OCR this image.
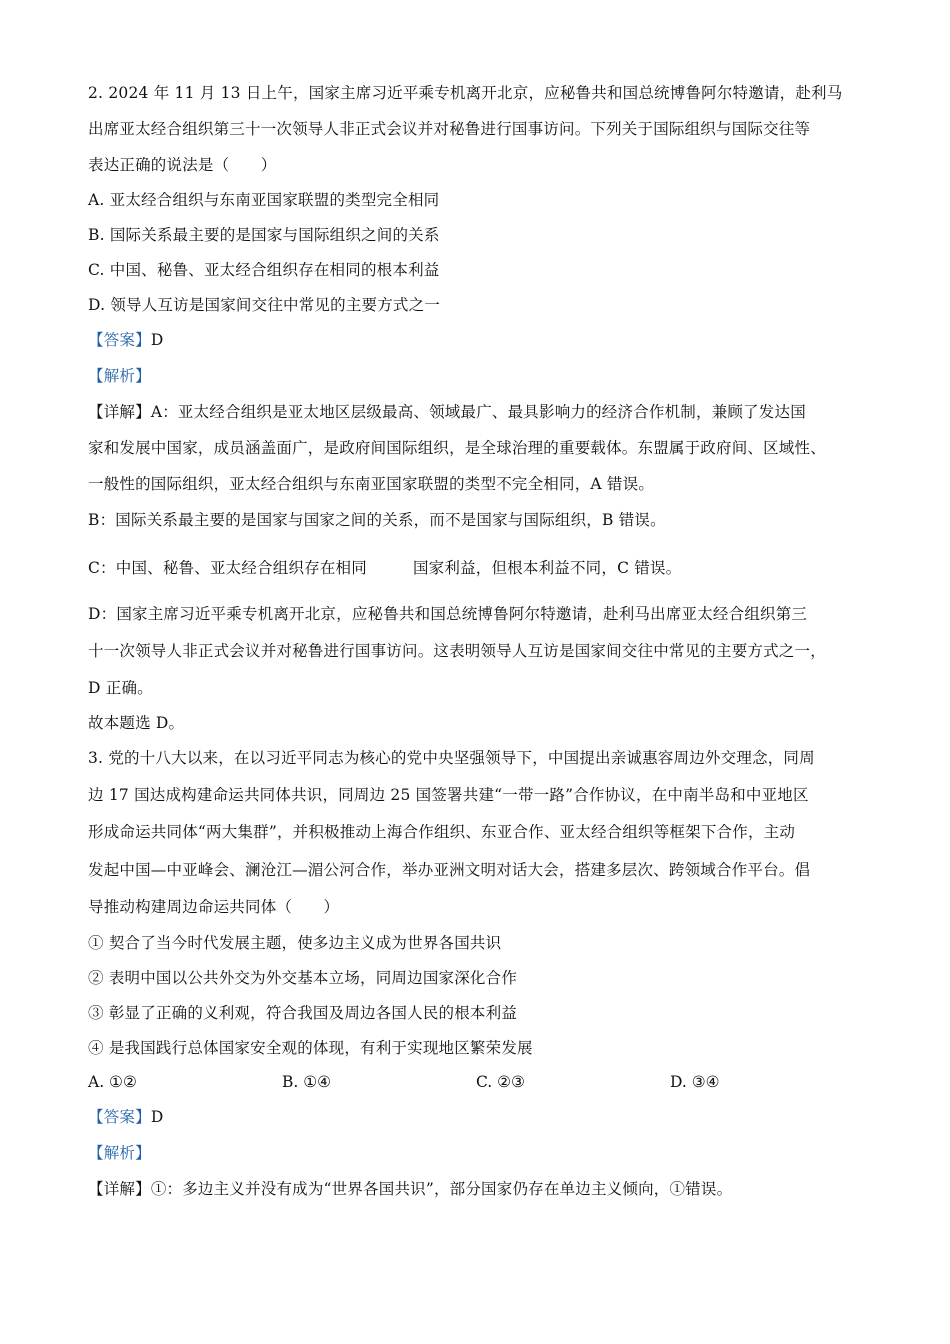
2. 2024 年 11 月 13 日上午，国家主席习近平乘专机离开北京，应秘鲁共和国总统博鲁阿尔特邀请，赴利马
出席亚太经合组织第三十一次领导人非正式会议并对秘鲁进行国事访问。下列关于国际组织与国际交往等
表达正确的说法是（　　）
A. 亚太经合组织与东南亚国家联盟的类型完全相同
B. 国际关系最主要的是国家与国际组织之间的关系
C. 中国、秘鲁、亚太经合组织存在相同的根本利益
D. 领导人互访是国家间交往中常见的主要方式之一
【答案】D
【解析】
【详解】A：亚太经合组织是亚太地区层级最高、领域最广、最具影响力的经济合作机制，兼顾了发达国
家和发展中国家，成员涵盖面广，是政府间国际组织，是全球治理的重要载体。东盟属于政府间、区域性、
一般性的国际组织，亚太经合组织与东南亚国家联盟的类型不完全相同，A 错误。
B：国际关系最主要的是国家与国家之间的关系，而不是国家与国际组织，B 错误。
C：中国、秘鲁、亚太经合组织存在相同	国家利益，但根本利益不同，C 错误。
D：国家主席习近平乘专机离开北京，应秘鲁共和国总统博鲁阿尔特邀请，赴利马出席亚太经合组织第三
十一次领导人非正式会议并对秘鲁进行国事访问。这表明领导人互访是国家间交往中常见的主要方式之一，
D 正确。
故本题选 D。
3. 党的十八大以来，在以习近平同志为核心的党中央坚强领导下，中国提出亲诚惠容周边外交理念，同周
边 17 国达成构建命运共同体共识，同周边 25 国签署共建“一带一路”合作协议，在中南半岛和中亚地区
形成命运共同体“两大集群”，并积极推动上海合作组织、东亚合作、亚太经合组织等框架下合作，主动
发起中国—中亚峰会、澜沧江—湄公河合作，举办亚洲文明对话大会，搭建多层次、跨领域合作平台。倡
导推动构建周边命运共同体（　　）
① 契合了当今时代发展主题，使多边主义成为世界各国共识
② 表明中国以公共外交为外交基本立场，同周边国家深化合作
③ 彰显了正确的义利观，符合我国及周边各国人民的根本利益
④ 是我国践行总体国家安全观的体现，有利于实现地区繁荣发展
A. ①②	B. ①④	C. ②③	D. ③④
【答案】D
【解析】
【详解】①：多边主义并没有成为“世界各国共识”，部分国家仍存在单边主义倾向，①错误。
